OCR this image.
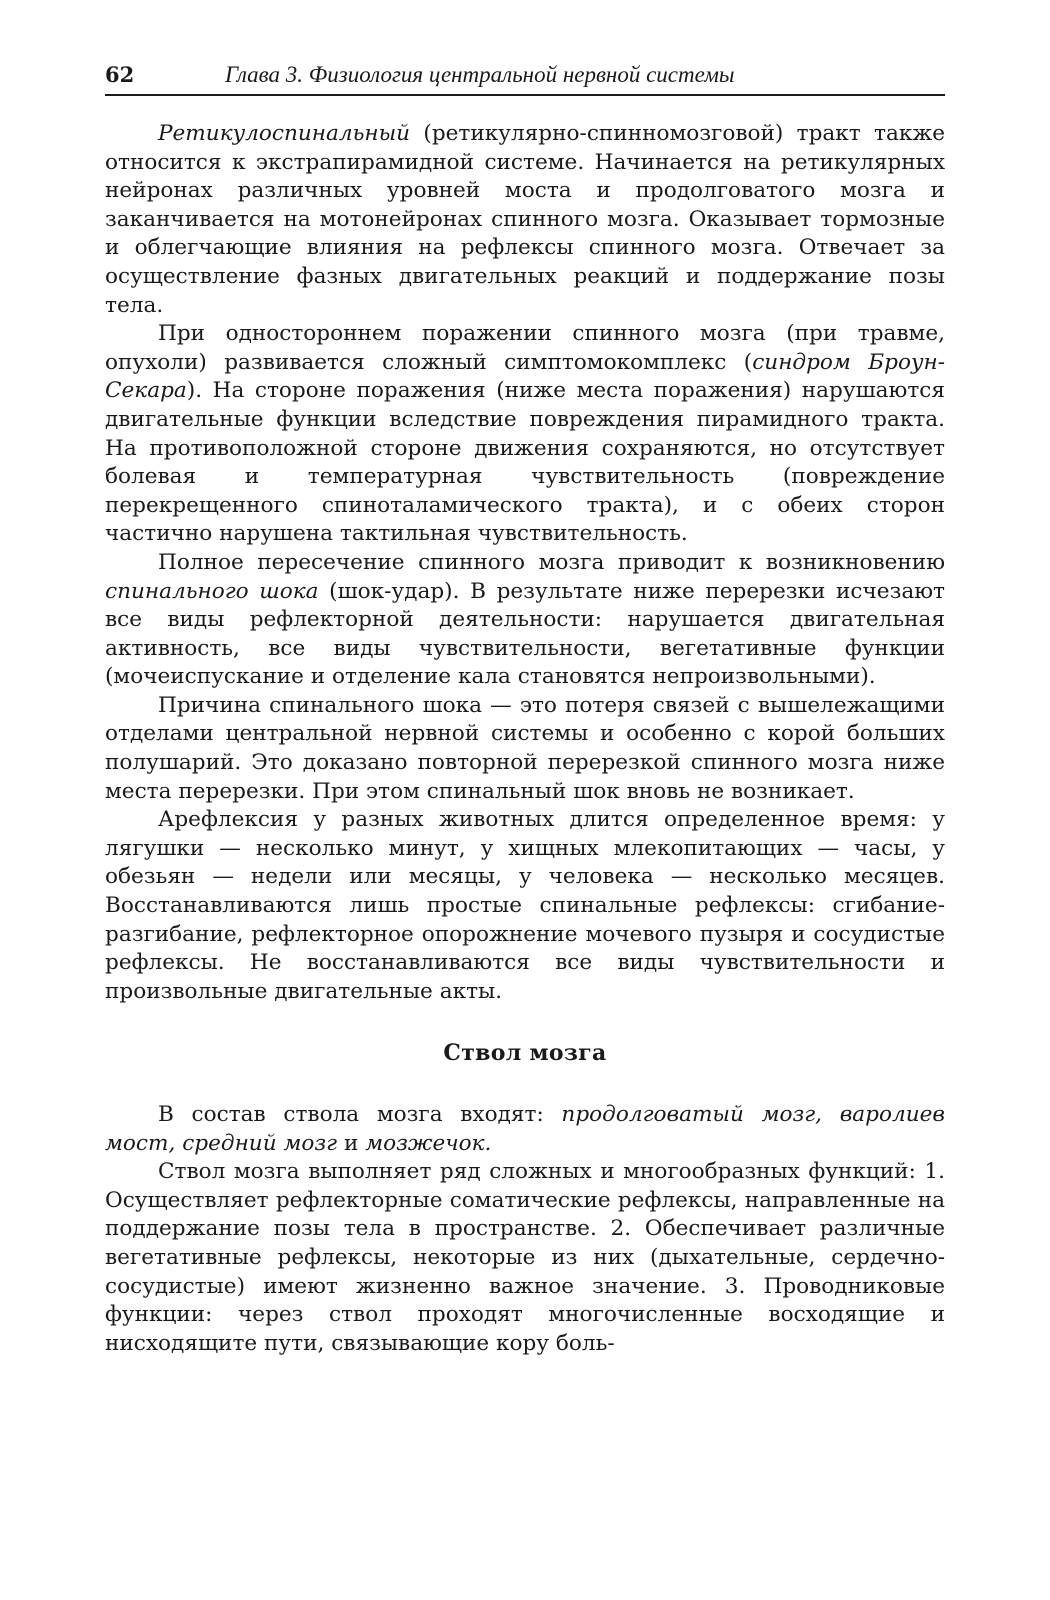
62	Глава 3. Физиология центральной нервной системы

Ретикулоспинальный (ретикулярно-спинномозговой) тракт также относится к экстрапирамидной системе. Начинается на ретикулярных нейронах различных уровней моста и продолговатого мозга и заканчивается на мотонейронах спинного мозга. Оказывает тормозные и облегчающие влияния на рефлексы спинного мозга. Отвечает за осуществление фазных двигательных реакций и поддержание позы тела.

При одностороннем поражении спинного мозга (при травме, опухоли) развивается сложный симптомокомплекс (синдром Броун-Секара). На стороне поражения (ниже места поражения) нарушаются двигательные функции вследствие повреждения пирамидного тракта. На противоположной стороне движения сохраняются, но отсутствует болевая и температурная чувствительность (повреждение перекрещенного спиноталамического тракта), и с обеих сторон частично нарушена тактильная чувствительность.

Полное пересечение спинного мозга приводит к возникновению спинального шока (шок-удар). В результате ниже перерезки исчезают все виды рефлекторной деятельности: нарушается двигательная активность, все виды чувствительности, вегетативные функции (мочеиспускание и отделение кала становятся непроизвольными).

Причина спинального шока — это потеря связей с вышележащими отделами центральной нервной системы и особенно с корой больших полушарий. Это доказано повторной перерезкой спинного мозга ниже места перерезки. При этом спинальный шок вновь не возникает.

Арефлексия у разных животных длится определенное время: у лягушки — несколько минут, у хищных млекопитающих — часы, у обезьян — недели или месяцы, у человека — несколько месяцев. Восстанавливаются лишь простые спинальные рефлексы: сгибание-разгибание, рефлекторное опорожнение мочевого пузыря и сосудистые рефлексы. Не восстанавливаются все виды чувствительности и произвольные двигательные акты.

Ствол мозга

В состав ствола мозга входят: продолговатый мозг, варолиев мост, средний мозг и мозжечок.

Ствол мозга выполняет ряд сложных и многообразных функций: 1. Осуществляет рефлекторные соматические рефлексы, направленные на поддержание позы тела в пространстве. 2. Обеспечивает различные вегетативные рефлексы, некоторые из них (дыхательные, сердечно-сосудистые) имеют жизненно важное значение. 3. Проводниковые функции: через ствол проходят многочисленные восходящие и нисходящите пути, связывающие кору боль-
